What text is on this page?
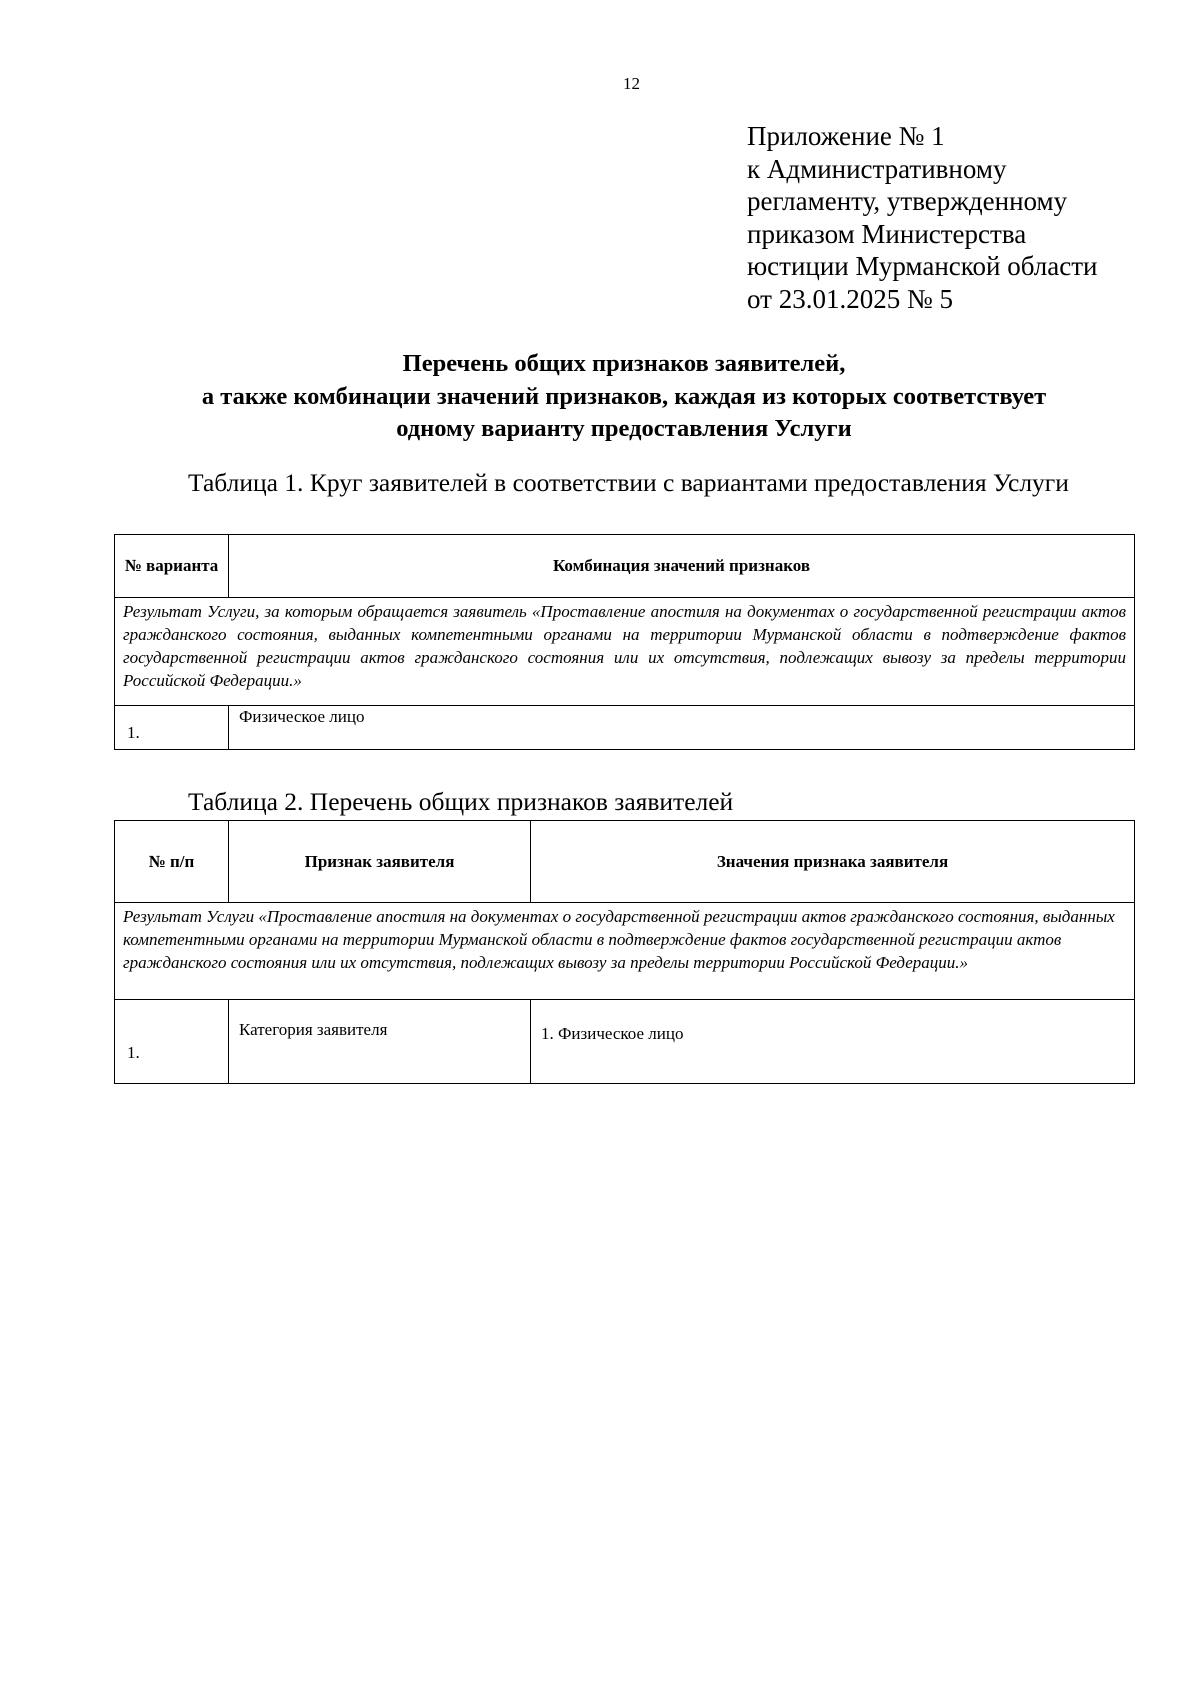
12
Приложение № 1
к Административному
регламенту, утвержденному
приказом Министерства
юстиции Мурманской области
от 23.01.2025 № 5
Перечень общих признаков заявителей,
а также комбинации значений признаков, каждая из которых соответствует
одному варианту предоставления Услуги
Таблица 1. Круг заявителей в соответствии с вариантами предоставления Услуги
№ варианта	Комбинация значений признаков
Результат Услуги, за которым обращается заявитель «Проставление апостиля на документах о государственной регистрации актов гражданского состояния, выданных компетентными органами на территории Мурманской области в подтверждение фактов государственной регистрации актов гражданского состояния или их отсутствия, подлежащих вывозу за пределы территории Российской Федерации.»	
1.	Физическое лицо
Таблица 2. Перечень общих признаков заявителей
№ п/п	Признак заявителя	Значения признака заявителя
Результат Услуги «Проставление апостиля на документах о государственной регистрации актов гражданского состояния, выданных компетентными органами на территории Мурманской области в подтверждение фактов государственной регистрации актов гражданского состояния или их отсутствия, подлежащих вывозу за пределы территории Российской Федерации.»		
1.	Категория заявителя	1. Физическое лицо
